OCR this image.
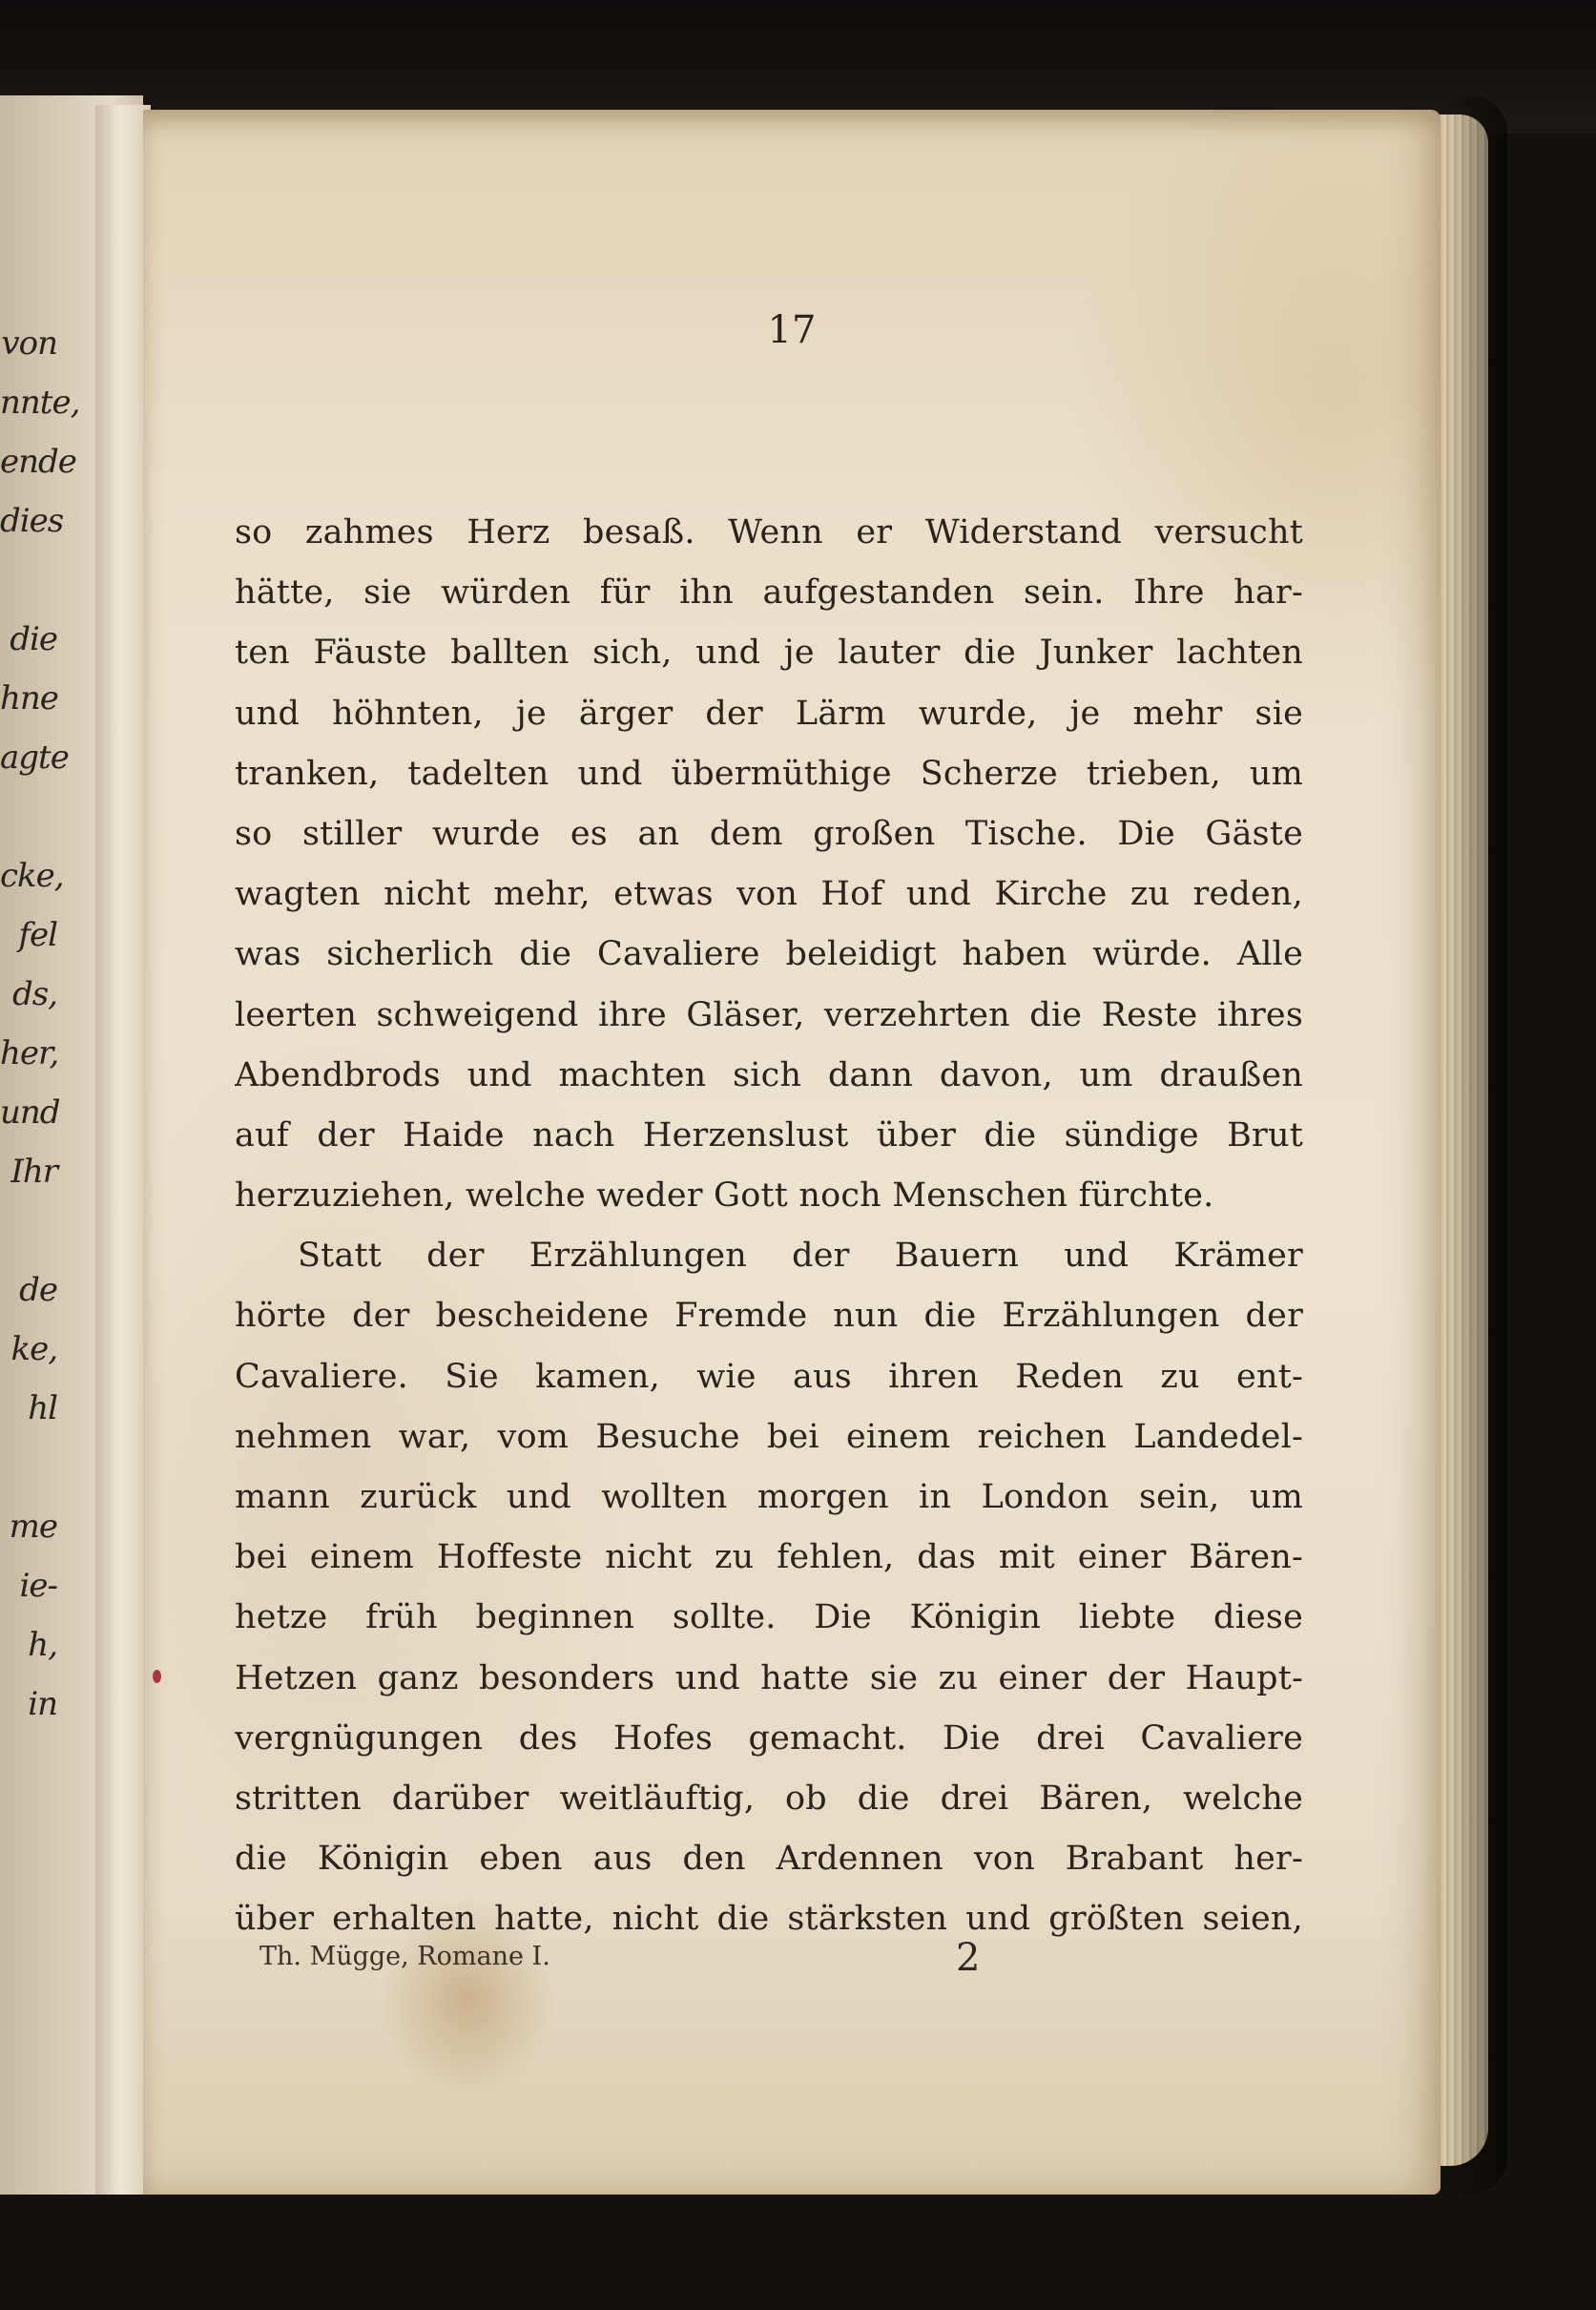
von
nnte,
ende
dies
die
hne
agte
cke,
fel
ds,
her,
und
Ihr
de
ke,
hl
me
ie-
h,
in
17
so zahmes Herz besaß. Wenn er Widerstand versucht
hätte, sie würden für ihn aufgestanden sein. Ihre har-
ten Fäuste ballten sich, und je lauter die Junker lachten
und höhnten, je ärger der Lärm wurde, je mehr sie
tranken, tadelten und übermüthige Scherze trieben, um
so stiller wurde es an dem großen Tische. Die Gäste
wagten nicht mehr, etwas von Hof und Kirche zu reden,
was sicherlich die Cavaliere beleidigt haben würde. Alle
leerten schweigend ihre Gläser, verzehrten die Reste ihres
Abendbrods und machten sich dann davon, um draußen
auf der Haide nach Herzenslust über die sündige Brut
herzuziehen, welche weder Gott noch Menschen fürchte.
Statt der Erzählungen der Bauern und Krämer
hörte der bescheidene Fremde nun die Erzählungen der
Cavaliere. Sie kamen, wie aus ihren Reden zu ent-
nehmen war, vom Besuche bei einem reichen Landedel-
mann zurück und wollten morgen in London sein, um
bei einem Hoffeste nicht zu fehlen, das mit einer Bären-
hetze früh beginnen sollte. Die Königin liebte diese
Hetzen ganz besonders und hatte sie zu einer der Haupt-
vergnügungen des Hofes gemacht. Die drei Cavaliere
stritten darüber weitläuftig, ob die drei Bären, welche
die Königin eben aus den Ardennen von Brabant her-
über erhalten hatte, nicht die stärksten und größten seien,
Th. Mügge, Romane I.	2
